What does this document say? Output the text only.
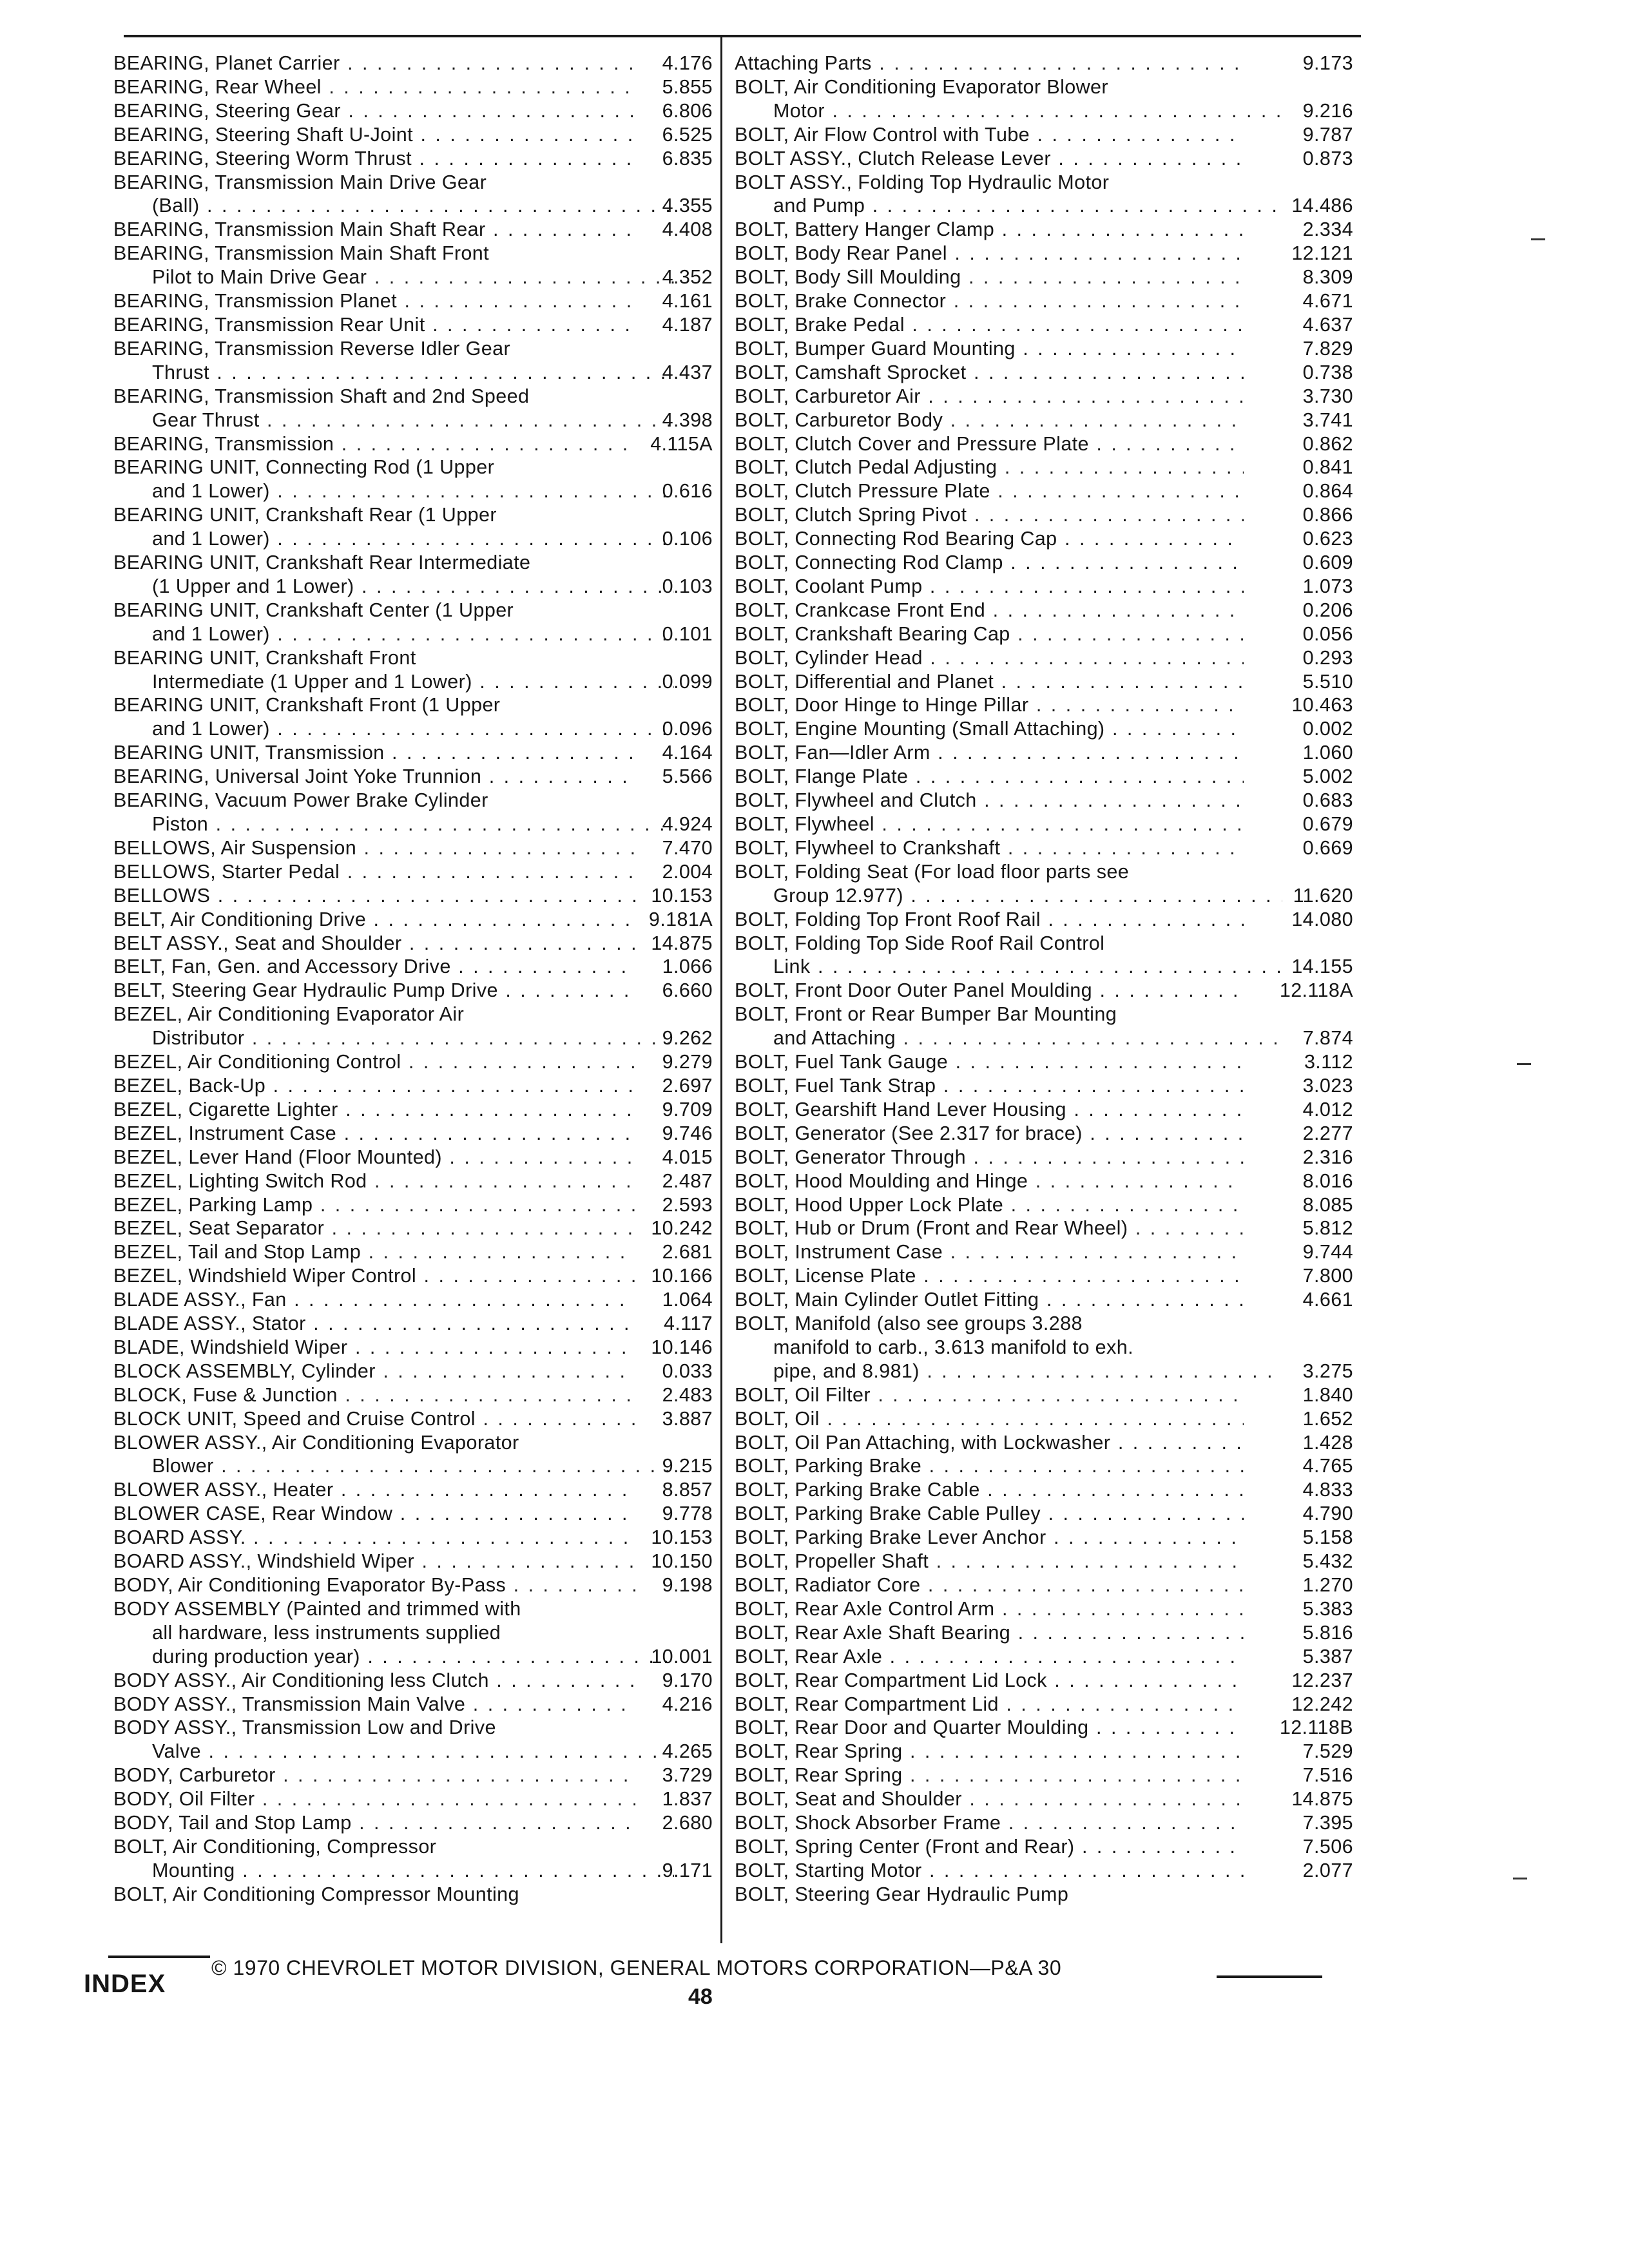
BEARING, Planet Carrier . . .	4.176
BEARING, Rear Wheel . . .	5.855
BEARING, Steering Gear . . .	6.806
BEARING, Steering Shaft U-Joint . . .	6.525
BEARING, Steering Worm Thrust . . .	6.835
BEARING, Transmission Main Drive Gear
(Ball) . . .	4.355
BEARING, Transmission Main Shaft Rear . . .	4.408
BEARING, Transmission Main Shaft Front
Pilot to Main Drive Gear . . .	4.352
BEARING, Transmission Planet . . .	4.161
BEARING, Transmission Rear Unit . . .	4.187
BEARING, Transmission Reverse Idler Gear
Thrust . . .	4.437
BEARING, Transmission Shaft and 2nd Speed
Gear Thrust . . .	4.398
BEARING, Transmission . . .	4.115A
BEARING UNIT, Connecting Rod (1 Upper
and 1 Lower) . . .	0.616
BEARING UNIT, Crankshaft Rear (1 Upper
and 1 Lower) . . .	0.106
BEARING UNIT, Crankshaft Rear Intermediate
(1 Upper and 1 Lower) . . .	0.103
BEARING UNIT, Crankshaft Center (1 Upper
and 1 Lower) . . .	0.101
BEARING UNIT, Crankshaft Front
Intermediate (1 Upper and 1 Lower) . . .	0.099
BEARING UNIT, Crankshaft Front (1 Upper
and 1 Lower) . . .	0.096
BEARING UNIT, Transmission . . .	4.164
BEARING, Universal Joint Yoke Trunnion . . .	5.566
BEARING, Vacuum Power Brake Cylinder
Piston . . .	4.924
BELLOWS, Air Suspension . . .	7.470
BELLOWS, Starter Pedal . . .	2.004
BELLOWS . . .	10.153
BELT, Air Conditioning Drive . . .	9.181A
BELT ASSY., Seat and Shoulder . . .	14.875
BELT, Fan, Gen. and Accessory Drive . . .	1.066
BELT, Steering Gear Hydraulic Pump Drive . . .	6.660
BEZEL, Air Conditioning Evaporator Air
Distributor . . .	9.262
BEZEL, Air Conditioning Control . . .	9.279
BEZEL, Back-Up . . .	2.697
BEZEL, Cigarette Lighter . . .	9.709
BEZEL, Instrument Case . . .	9.746
BEZEL, Lever Hand (Floor Mounted) . . .	4.015
BEZEL, Lighting Switch Rod . . .	2.487
BEZEL, Parking Lamp . . .	2.593
BEZEL, Seat Separator . . .	10.242
BEZEL, Tail and Stop Lamp . . .	2.681
BEZEL, Windshield Wiper Control . . .	10.166
BLADE ASSY., Fan . . .	1.064
BLADE ASSY., Stator . . .	4.117
BLADE, Windshield Wiper . . .	10.146
BLOCK ASSEMBLY, Cylinder . . .	0.033
BLOCK, Fuse & Junction . . .	2.483
BLOCK UNIT, Speed and Cruise Control . . .	3.887
BLOWER ASSY., Air Conditioning Evaporator
Blower . . .	9.215
BLOWER ASSY., Heater . . .	8.857
BLOWER CASE, Rear Window . . .	9.778
BOARD ASSY. . . .	10.153
BOARD ASSY., Windshield Wiper . . .	10.150
BODY, Air Conditioning Evaporator By-Pass . . .	9.198
BODY ASSEMBLY (Painted and trimmed with
all hardware, less instruments supplied
during production year) . . .	10.001
BODY ASSY., Air Conditioning less Clutch . . .	9.170
BODY ASSY., Transmission Main Valve . . .	4.216
BODY ASSY., Transmission Low and Drive
Valve . . .	4.265
BODY, Carburetor . . .	3.729
BODY, Oil Filter . . .	1.837
BODY, Tail and Stop Lamp . . .	2.680
BOLT, Air Conditioning, Compressor
Mounting . . .	9.171
BOLT, Air Conditioning Compressor Mounting
Attaching Parts . . .	9.173
BOLT, Air Conditioning Evaporator Blower
Motor . . .	9.216
BOLT, Air Flow Control with Tube . . .	9.787
BOLT ASSY., Clutch Release Lever . . .	0.873
BOLT ASSY., Folding Top Hydraulic Motor
and Pump . . .	14.486
BOLT, Battery Hanger Clamp . . .	2.334
BOLT, Body Rear Panel . . .	12.121
BOLT, Body Sill Moulding . . .	8.309
BOLT, Brake Connector . . .	4.671
BOLT, Brake Pedal . . .	4.637
BOLT, Bumper Guard Mounting . . .	7.829
BOLT, Camshaft Sprocket . . .	0.738
BOLT, Carburetor Air . . .	3.730
BOLT, Carburetor Body . . .	3.741
BOLT, Clutch Cover and Pressure Plate . . .	0.862
BOLT, Clutch Pedal Adjusting . . .	0.841
BOLT, Clutch Pressure Plate . . .	0.864
BOLT, Clutch Spring Pivot . . .	0.866
BOLT, Connecting Rod Bearing Cap . . .	0.623
BOLT, Connecting Rod Clamp . . .	0.609
BOLT, Coolant Pump . . .	1.073
BOLT, Crankcase Front End . . .	0.206
BOLT, Crankshaft Bearing Cap . . .	0.056
BOLT, Cylinder Head . . .	0.293
BOLT, Differential and Planet . . .	5.510
BOLT, Door Hinge to Hinge Pillar . . .	10.463
BOLT, Engine Mounting (Small Attaching) . . .	0.002
BOLT, Fan—Idler Arm . . .	1.060
BOLT, Flange Plate . . .	5.002
BOLT, Flywheel and Clutch . . .	0.683
BOLT, Flywheel . . .	0.679
BOLT, Flywheel to Crankshaft . . .	0.669
BOLT, Folding Seat (For load floor parts see
Group 12.977) . . .	11.620
BOLT, Folding Top Front Roof Rail . . .	14.080
BOLT, Folding Top Side Roof Rail Control
Link . . .	14.155
BOLT, Front Door Outer Panel Moulding . . .	12.118A
BOLT, Front or Rear Bumper Bar Mounting
and Attaching . . .	7.874
BOLT, Fuel Tank Gauge . . .	3.112
BOLT, Fuel Tank Strap . . .	3.023
BOLT, Gearshift Hand Lever Housing . . .	4.012
BOLT, Generator (See 2.317 for brace) . . .	2.277
BOLT, Generator Through . . .	2.316
BOLT, Hood Moulding and Hinge . . .	8.016
BOLT, Hood Upper Lock Plate . . .	8.085
BOLT, Hub or Drum (Front and Rear Wheel) . . .	5.812
BOLT, Instrument Case . . .	9.744
BOLT, License Plate . . .	7.800
BOLT, Main Cylinder Outlet Fitting . . .	4.661
BOLT, Manifold (also see groups 3.288
manifold to carb., 3.613 manifold to exh.
pipe, and 8.981) . . .	3.275
BOLT, Oil Filter . . .	1.840
BOLT, Oil . . .	1.652
BOLT, Oil Pan Attaching, with Lockwasher . . .	1.428
BOLT, Parking Brake . . .	4.765
BOLT, Parking Brake Cable . . .	4.833
BOLT, Parking Brake Cable Pulley . . .	4.790
BOLT, Parking Brake Lever Anchor . . .	5.158
BOLT, Propeller Shaft . . .	5.432
BOLT, Radiator Core . . .	1.270
BOLT, Rear Axle Control Arm . . .	5.383
BOLT, Rear Axle Shaft Bearing . . .	5.816
BOLT, Rear Axle . . .	5.387
BOLT, Rear Compartment Lid Lock . . .	12.237
BOLT, Rear Compartment Lid . . .	12.242
BOLT, Rear Door and Quarter Moulding . . .	12.118B
BOLT, Rear Spring . . .	7.529
BOLT, Rear Spring . . .	7.516
BOLT, Seat and Shoulder . . .	14.875
BOLT, Shock Absorber Frame . . .	7.395
BOLT, Spring Center (Front and Rear) . . .	7.506
BOLT, Starting Motor . . .	2.077
BOLT, Steering Gear Hydraulic Pump
INDEX
© 1970 CHEVROLET MOTOR DIVISION, GENERAL MOTORS CORPORATION—P&A 30
48
